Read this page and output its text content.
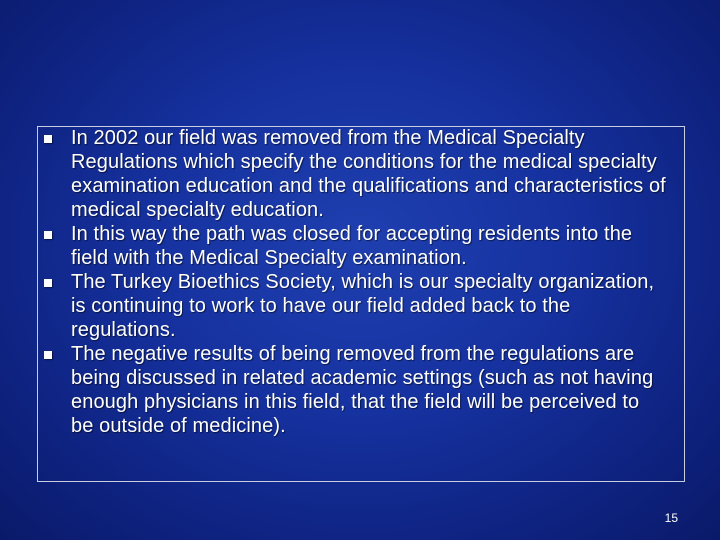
In 2002 our field was removed from the Medical Specialty Regulations which specify the conditions for the medical specialty examination education and the qualifications and characteristics of medical specialty education.
In this way the path was closed for accepting residents into the field with the Medical Specialty examination.
The Turkey Bioethics Society, which is our specialty organization, is continuing to work to have our field added back to the regulations.
The negative results of being removed from the regulations are being discussed in related academic settings (such as not having enough physicians in this field, that the field will be perceived to be outside of medicine).
15
